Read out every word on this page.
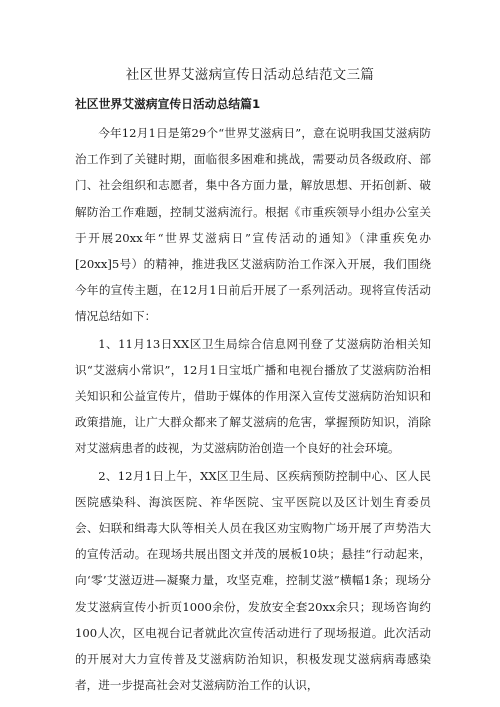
社区世界艾滋病宣传日活动总结范文三篇
社区世界艾滋病宣传日活动总结篇1

今年12月1日是第29个“世界艾滋病日”，意在说明我国艾滋病防治工作到了关键时期，面临很多困难和挑战，需要动员各级政府、部门、社会组织和志愿者，集中各方面力量，解放思想、开拓创新、破解防治工作难题，控制艾滋病流行。根据《市重疾领导小组办公室关于开展20xx年“世界艾滋病日”宣传活动的通知》（津重疾免办[20xx]5号）的精神，推进我区艾滋病防治工作深入开展，我们围绕今年的宣传主题，在12月1日前后开展了一系列活动。现将宣传活动情况总结如下：

1、11月13日XX区卫生局综合信息网刊登了艾滋病防治相关知识“艾滋病小常识”，12月1日宝坻广播和电视台播放了艾滋病防治相关知识和公益宣传片，借助于媒体的作用深入宣传艾滋病防治知识和政策措施，让广大群众都来了解艾滋病的危害，掌握预防知识，消除对艾滋病患者的歧视，为艾滋病防治创造一个良好的社会环境。

2、12月1日上午，XX区卫生局、区疾病预防控制中心、区人民医院感染科、海滨医院、祚华医院、宝平医院以及区计划生育委员会、妇联和缉毒大队等相关人员在我区劝宝购物广场开展了声势浩大的宣传活动。在现场共展出图文并茂的展板10块；悬挂“行动起来，向‘零’艾滋迈进—凝聚力量，攻坚克难，控制艾滋”横幅1条；现场分发艾滋病宣传小折页1000余份，发放安全套20xx余只；现场咨询约100人次，区电视台记者就此次宣传活动进行了现场报道。此次活动的开展对大力宣传普及艾滋病防治知识，积极发现艾滋病病毒感染者，进一步提高社会对艾滋病防治工作的认识，
